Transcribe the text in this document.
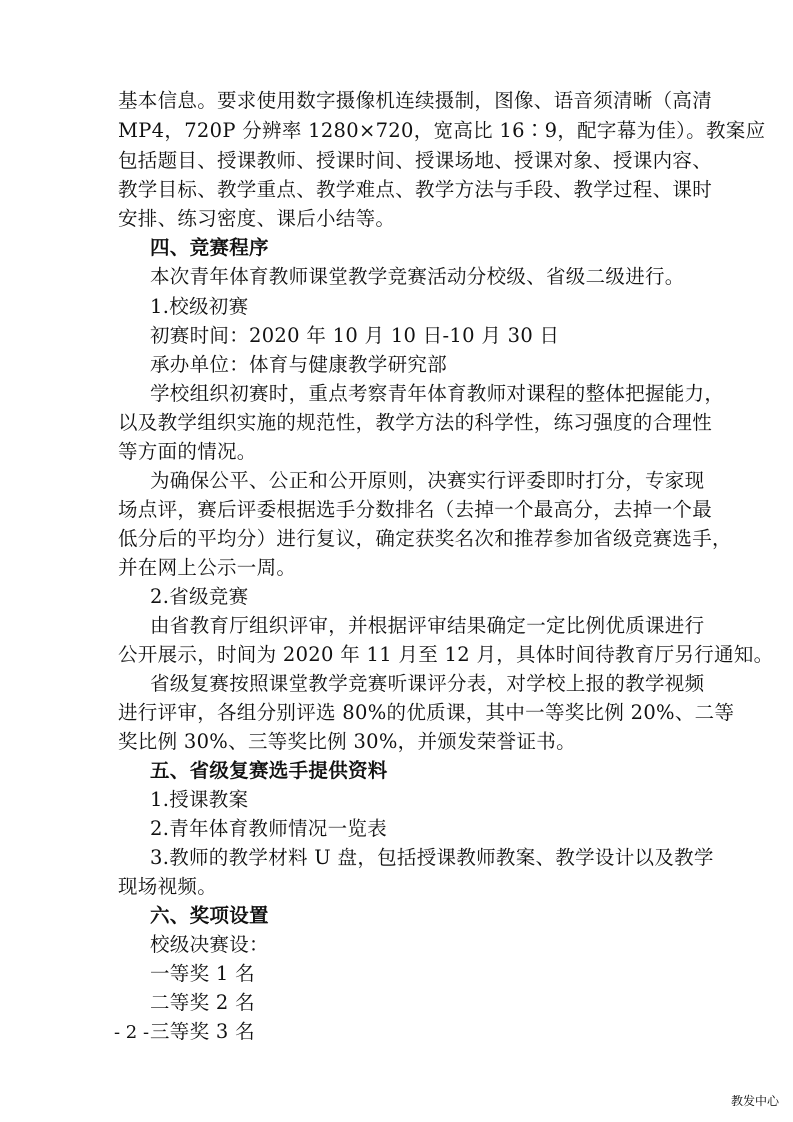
基本信息。要求使用数字摄像机连续摄制，图像、语音须清晰（高清
MP4，720P 分辨率 1280×720，宽高比 16∶9，配字幕为佳）。教案应
包括题目、授课教师、授课时间、授课场地、授课对象、授课内容、
教学目标、教学重点、教学难点、教学方法与手段、教学过程、课时
安排、练习密度、课后小结等。
四、竞赛程序
本次青年体育教师课堂教学竞赛活动分校级、省级二级进行。
1.校级初赛
初赛时间：2020 年 10 月 10 日-10 月 30 日
承办单位：体育与健康教学研究部
学校组织初赛时，重点考察青年体育教师对课程的整体把握能力，
以及教学组织实施的规范性，教学方法的科学性，练习强度的合理性
等方面的情况。
为确保公平、公正和公开原则，决赛实行评委即时打分，专家现
场点评，赛后评委根据选手分数排名（去掉一个最高分，去掉一个最
低分后的平均分）进行复议，确定获奖名次和推荐参加省级竞赛选手，
并在网上公示一周。
2.省级竞赛
由省教育厅组织评审，并根据评审结果确定一定比例优质课进行
公开展示，时间为 2020 年 11 月至 12 月，具体时间待教育厅另行通知。
省级复赛按照课堂教学竞赛听课评分表，对学校上报的教学视频
进行评审，各组分别评选 80%的优质课，其中一等奖比例 20%、二等
奖比例 30%、三等奖比例 30%，并颁发荣誉证书。
五、省级复赛选手提供资料
1.授课教案
2.青年体育教师情况一览表
3.教师的教学材料 U 盘，包括授课教师教案、教学设计以及教学
现场视频。
六、奖项设置
校级决赛设：
一等奖 1 名
二等奖 2 名
三等奖 3 名
- 2 -
教发中心
